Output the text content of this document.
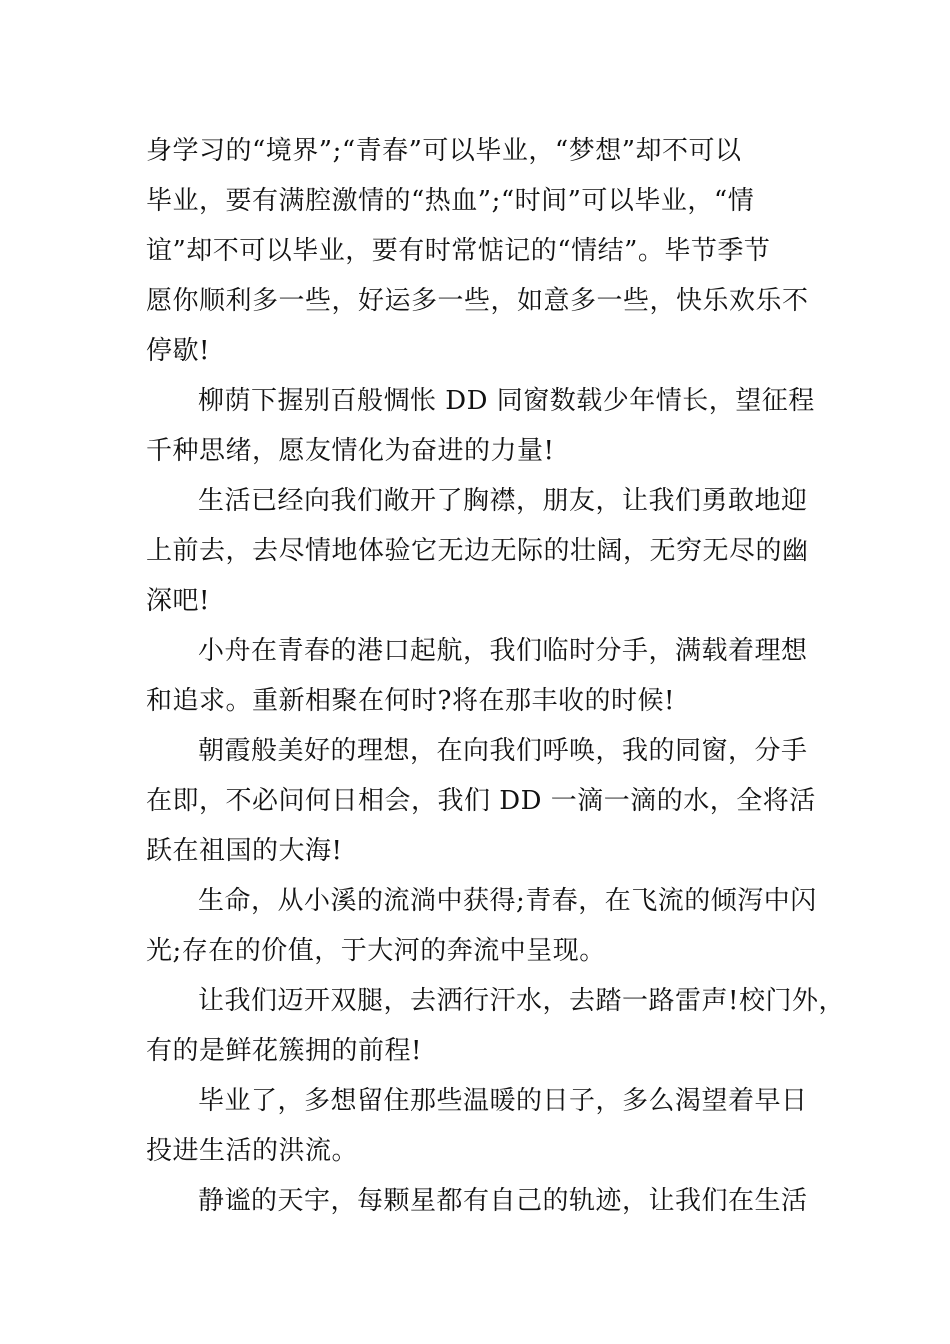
身学习的“境界”;“青春”可以毕业，“梦想”却不可以
毕业，要有满腔激情的“热血”;“时间”可以毕业，“情
谊”却不可以毕业，要有时常惦记的“情结”。毕节季节
愿你顺利多一些，好运多一些，如意多一些，快乐欢乐不
停歇!
柳荫下握别百般惆怅 DD 同窗数载少年情长，望征程
千种思绪，愿友情化为奋进的力量!
生活已经向我们敞开了胸襟，朋友，让我们勇敢地迎
上前去，去尽情地体验它无边无际的壮阔，无穷无尽的幽
深吧!
小舟在青春的港口起航，我们临时分手，满载着理想
和追求。重新相聚在何时?将在那丰收的时候!
朝霞般美好的理想，在向我们呼唤，我的同窗，分手
在即，不必问何日相会，我们 DD 一滴一滴的水，全将活
跃在祖国的大海!
生命，从小溪的流淌中获得;青春，在飞流的倾泻中闪
光;存在的价值，于大河的奔流中呈现。
让我们迈开双腿，去洒行汗水，去踏一路雷声!校门外，
有的是鲜花簇拥的前程!
毕业了，多想留住那些温暖的日子，多么渴望着早日
投进生活的洪流。
静谧的天宇，每颗星都有自己的轨迹，让我们在生活
